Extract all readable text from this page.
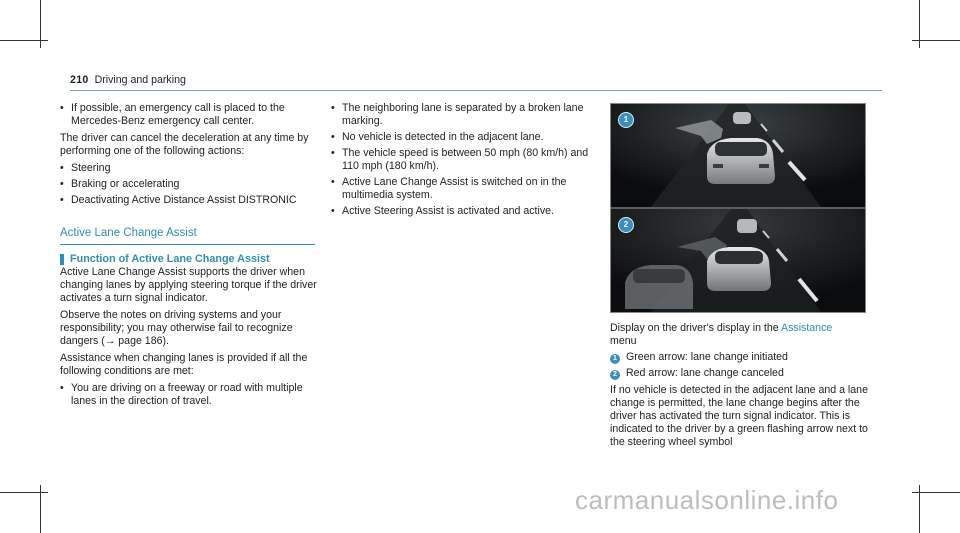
210 Driving and parking
• If possible, an emergency call is placed to the Mercedes-Benz emergency call center.

The driver can cancel the deceleration at any time by performing one of the following actions:

• Steering
• Braking or accelerating
• Deactivating Active Distance Assist DISTRONIC
Active Lane Change Assist
Function of Active Lane Change Assist

Active Lane Change Assist supports the driver when changing lanes by applying steering torque if the driver activates a turn signal indicator.

Observe the notes on driving systems and your responsibility; you may otherwise fail to recognize dangers (→ page 186).

Assistance when changing lanes is provided if all the following conditions are met:

• You are driving on a freeway or road with multiple lanes in the direction of travel.
• The neighboring lane is separated by a broken lane marking.
• No vehicle is detected in the adjacent lane.
• The vehicle speed is between 50 mph (80 km/h) and 110 mph (180 km/h).
• Active Lane Change Assist is switched on in the multimedia system.
• Active Steering Assist is activated and active.
1
2

Display on the driver's display in the Assistance
menu

1 Green arrow: lane change initiated

2 Red arrow: lane change canceled

If no vehicle is detected in the adjacent lane and a lane change is permitted, the lane change begins after the driver has activated the turn signal indicator. This is indicated to the driver by a green flashing arrow next to the steering wheel symbol

carmanualsonline.info
